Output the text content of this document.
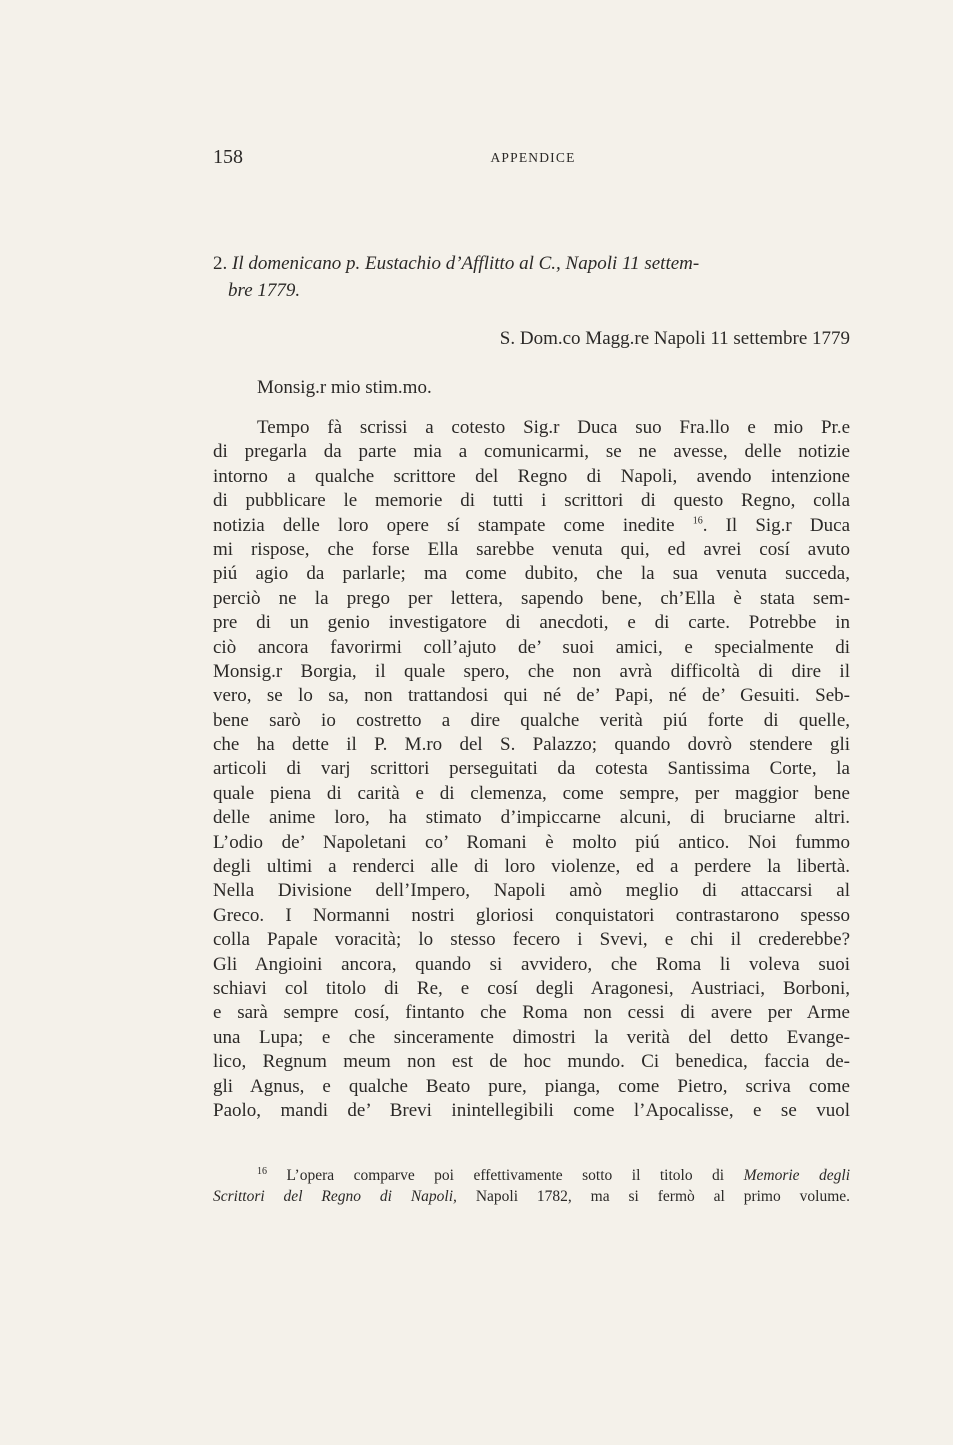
158	APPENDICE
2. Il domenicano p. Eustachio d’Afflitto al C., Napoli 11 settem-
bre 1779.
S. Dom.co Magg.re Napoli 11 settembre 1779
Monsig.r mio stim.mo.
Tempo fà scrissi a cotesto Sig.r Duca suo Fra.llo e mio Pr.e
di pregarla da parte mia a comunicarmi, se ne avesse, delle notizie
intorno a qualche scrittore del Regno di Napoli, avendo intenzione
di pubblicare le memorie di tutti i scrittori di questo Regno, colla
notizia delle loro opere sí stampate come inedite $^{16}$. Il Sig.r Duca
mi rispose, che forse Ella sarebbe venuta qui, ed avrei cosí avuto
piú agio da parlarle; ma come dubito, che la sua venuta succeda,
perciò ne la prego per lettera, sapendo bene, ch’Ella è stata sem-
pre di un genio investigatore di anecdoti, e di carte. Potrebbe in
ciò ancora favorirmi coll’ajuto de’ suoi amici, e specialmente di
Monsig.r Borgia, il quale spero, che non avrà difficoltà di dire il
vero, se lo sa, non trattandosi qui né de’ Papi, né de’ Gesuiti. Seb-
bene sarò io costretto a dire qualche verità piú forte di quelle,
che ha dette il P. M.ro del S. Palazzo; quando dovrò stendere gli
articoli di varj scrittori perseguitati da cotesta Santissima Corte, la
quale piena di carità e di clemenza, come sempre, per maggior bene
delle anime loro, ha stimato d’impiccarne alcuni, di bruciarne altri.
L’odio de’ Napoletani co’ Romani è molto piú antico. Noi fummo
degli ultimi a renderci alle di loro violenze, ed a perdere la libertà.
Nella Divisione dell’Impero, Napoli amò meglio di attaccarsi al
Greco. I Normanni nostri gloriosi conquistatori contrastarono spesso
colla Papale voracità; lo stesso fecero i Svevi, e chi il crederebbe?
Gli Angioini ancora, quando si avvidero, che Roma li voleva suoi
schiavi col titolo di Re, e cosí degli Aragonesi, Austriaci, Borboni,
e sarà sempre cosí, fintanto che Roma non cessi di avere per Arme
una Lupa; e che sinceramente dimostri la verità del detto Evange-
lico, Regnum meum non est de hoc mundo. Ci benedica, faccia de-
gli Agnus, e qualche Beato pure, pianga, come Pietro, scriva come
Paolo, mandi de’ Brevi inintellegibili come l’Apocalisse, e se vuol
$^{16}$ L’opera comparve poi effettivamente sotto il titolo di Memorie degli
Scrittori del Regno di Napoli, Napoli 1782, ma si fermò al primo volume.
